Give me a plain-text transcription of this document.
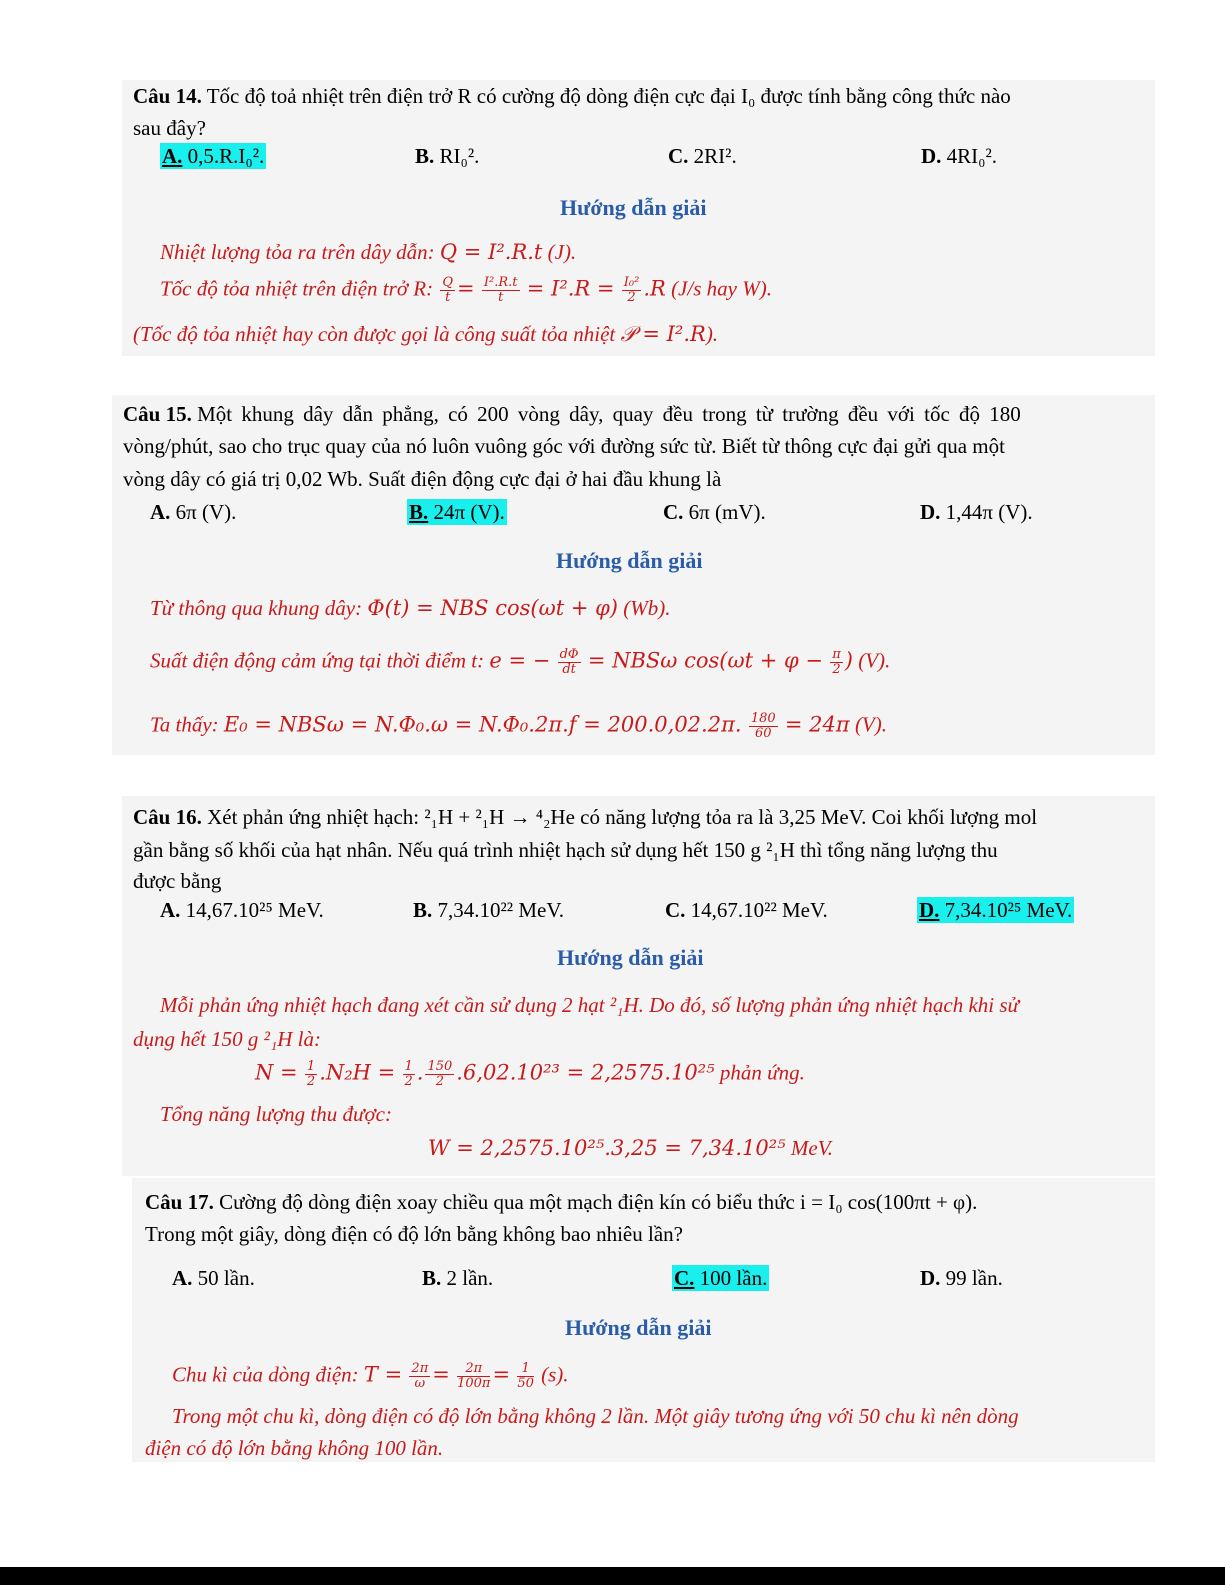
Câu 14. Tốc độ toả nhiệt trên điện trở R có cường độ dòng điện cực đại I₀ được tính bằng công thức nào
sau đây?
A. 0,5.R.I₀².	B. RI₀².	C. 2RI².	D. 4RI₀².
Hướng dẫn giải
Nhiệt lượng tỏa ra trên dây dẫn: Q = I².R.t (J).
Tốc độ tỏa nhiệt trên điện trở R: $\frac{Q}{t} = \frac{\text{I².R.t}}{t} = I^2.R = \frac{\text{I₀²}}{2} .R$ (J/s hay W).
(Tốc độ tỏa nhiệt hay còn được gọi là công suất tỏa nhiệt 𝒫 = I².R).
Câu 15. Một khung dây dẫn phẳng, có 200 vòng dây, quay đều trong từ trường đều với tốc độ 180
vòng/phút, sao cho trục quay của nó luôn vuông góc với đường sức từ. Biết từ thông cực đại gửi qua một
vòng dây có giá trị 0,02 Wb. Suất điện động cực đại ở hai đầu khung là
A. 6π (V).	B. 24π (V).	C. 6π (mV).	D. 1,44π (V).
Hướng dẫn giải
Từ thông qua khung dây: Φ(t) = NBS cos(ωt + φ) (Wb).
Suất điện động cảm ứng tại thời điểm t: e = − $\frac{d\Phi}{dt} = NBS\omega$ $\cos(\omega t + \varphi - \frac{\pi}{2}$ ) (V).
Ta thấy: E₀ = NBSω = N.Φ₀.ω = N.Φ₀.2π.f = 200.0,02.2π. $\frac{180}{60} = 24\pi$ (V).
Câu 16. Xét phản ứng nhiệt hạch: ²₁H + ²₁H → ⁴₂He có năng lượng tỏa ra là 3,25 MeV. Coi khối lượng mol
gần bằng số khối của hạt nhân. Nếu quá trình nhiệt hạch sử dụng hết 150 g ²₁H thì tổng năng lượng thu
được bằng
A. 14,67.10²⁵ MeV.	B. 7,34.10²² MeV.	C. 14,67.10²² MeV.	D. 7,34.10²⁵ MeV.
Hướng dẫn giải
Mỗi phản ứng nhiệt hạch đang xét cần sử dụng 2 hạt ²₁H. Do đó, số lượng phản ứng nhiệt hạch khi sử
dụng hết 150 g ²₁H là:
$N = \frac{1}{2} .N_2H = \frac{1}{2}$ . $\frac{150}{2} .6,02.10^{23} = 2,2575.10^{25}$ phản ứng.
Tổng năng lượng thu được:
W = 2,2575.10²⁵.3,25 = 7,34.10²⁵ MeV.
Câu 17. Cường độ dòng điện xoay chiều qua một mạch điện kín có biểu thức i = I₀ cos(100πt + φ).
Trong một giây, dòng điện có độ lớn bằng không bao nhiêu lần?
A. 50 lần.	B. 2 lần.	C. 100 lần.	D. 99 lần.
Hướng dẫn giải
Chu kì của dòng điện: $T = \frac{2\pi}{\omega} = \frac{2\pi}{100\pi} = \frac{1}{50} (s)$.
Trong một chu kì, dòng điện có độ lớn bằng không 2 lần. Một giây tương ứng với 50 chu kì nên dòng
điện có độ lớn bằng không 100 lần.
